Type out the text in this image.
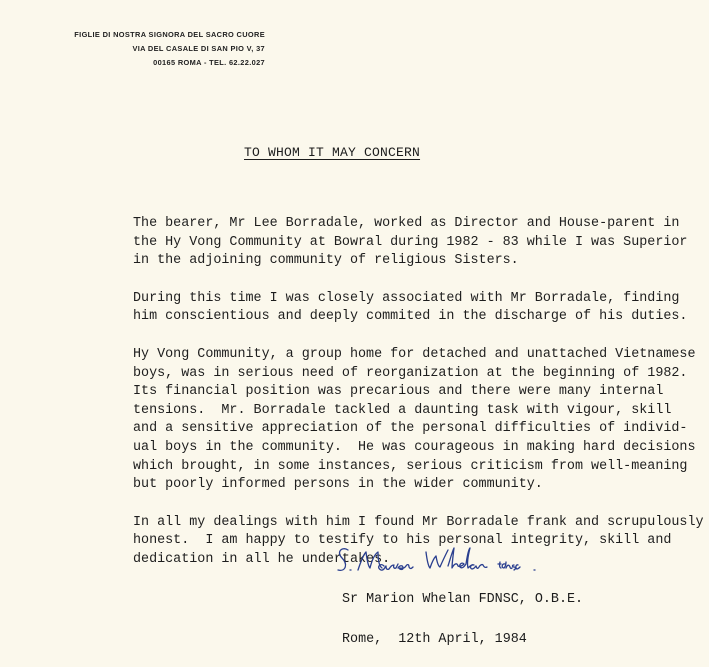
FIGLIE DI NOSTRA SIGNORA DEL SACRO CUORE
VIA DEL CASALE DI SAN PIO V, 37
00165 ROMA - TEL. 62.22.027
TO WHOM IT MAY CONCERN
The bearer, Mr Lee Borradale, worked as Director and House-parent in
the Hy Vong Community at Bowral during 1982 - 83 while I was Superior
in the adjoining community of religious Sisters.
During this time I was closely associated with Mr Borradale, finding
him conscientious and deeply commited in the discharge of his duties.
Hy Vong Community, a group home for detached and unattached Vietnamese
boys, was in serious need of reorganization at the beginning of 1982.
Its financial position was precarious and there were many internal
tensions.  Mr. Borradale tackled a daunting task with vigour, skill
and a sensitive appreciation of the personal difficulties of individ-
ual boys in the community.  He was courageous in making hard decisions
which brought, in some instances, serious criticism from well-meaning
but poorly informed persons in the wider community.
In all my dealings with him I found Mr Borradale frank and scrupulously
honest.  I am happy to testify to his personal integrity, skill and
dedication in all he undertakes.
Sr Marion Whelan FDNSC, O.B.E.
Rome,  12th April, 1984
